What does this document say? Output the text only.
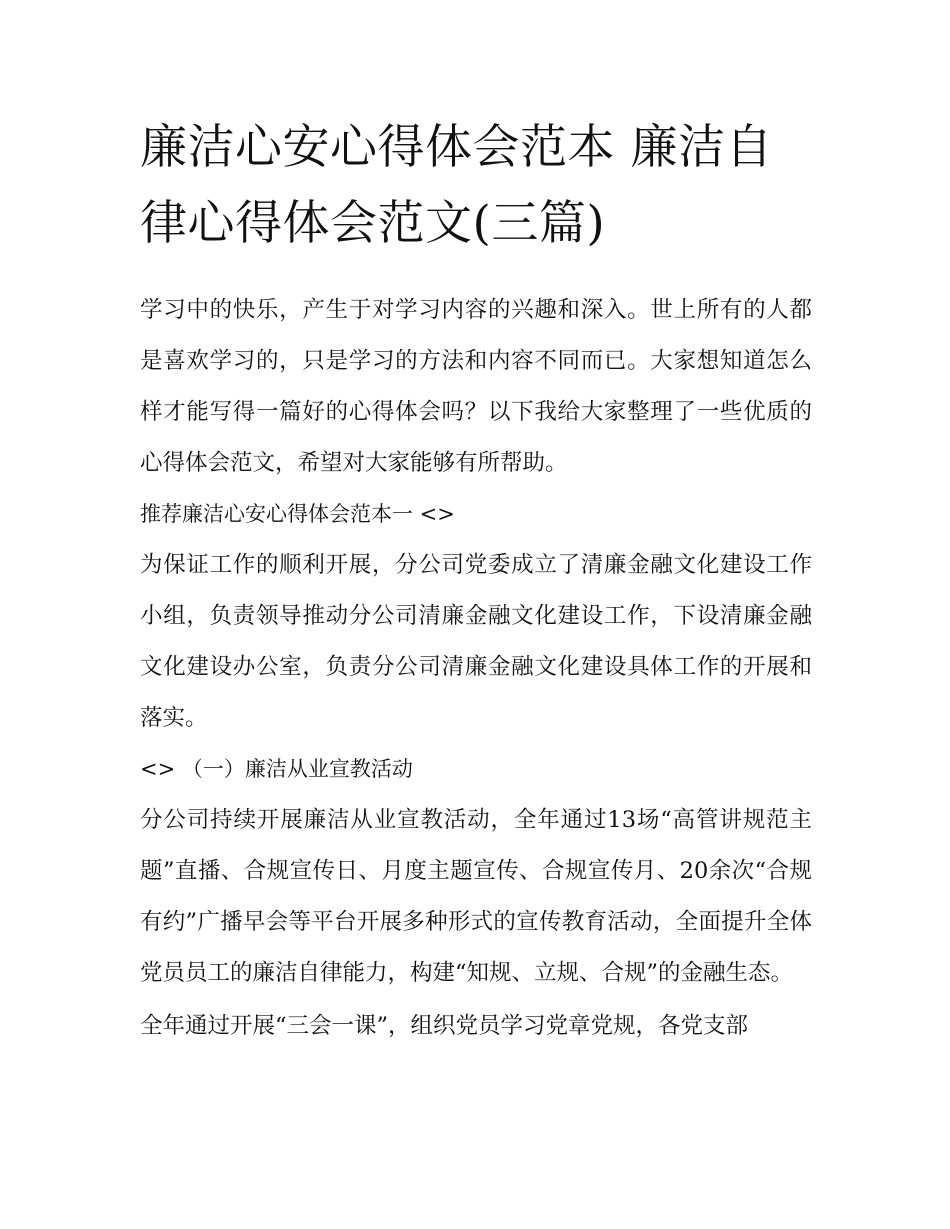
廉洁心安心得体会范本 廉洁自
律心得体会范文(三篇)

学习中的快乐，产生于对学习内容的兴趣和深入。世上所有的人都是喜欢学习的，只是学习的方法和内容不同而已。大家想知道怎么样才能写得一篇好的心得体会吗？以下我给大家整理了一些优质的心得体会范文，希望对大家能够有所帮助。

推荐廉洁心安心得体会范本一 <>

为保证工作的顺利开展，分公司党委成立了清廉金融文化建设工作小组，负责领导推动分公司清廉金融文化建设工作，下设清廉金融文化建设办公室，负责分公司清廉金融文化建设具体工作的开展和落实。

<> （一）廉洁从业宣教活动

分公司持续开展廉洁从业宣教活动，全年通过13场“高管讲规范主题”直播、合规宣传日、月度主题宣传、合规宣传月、20余次“合规有约”广播早会等平台开展多种形式的宣传教育活动，全面提升全体党员员工的廉洁自律能力，构建“知规、立规、合规”的金融生态。

全年通过开展“三会一课”，组织党员学习党章党规，各党支部
